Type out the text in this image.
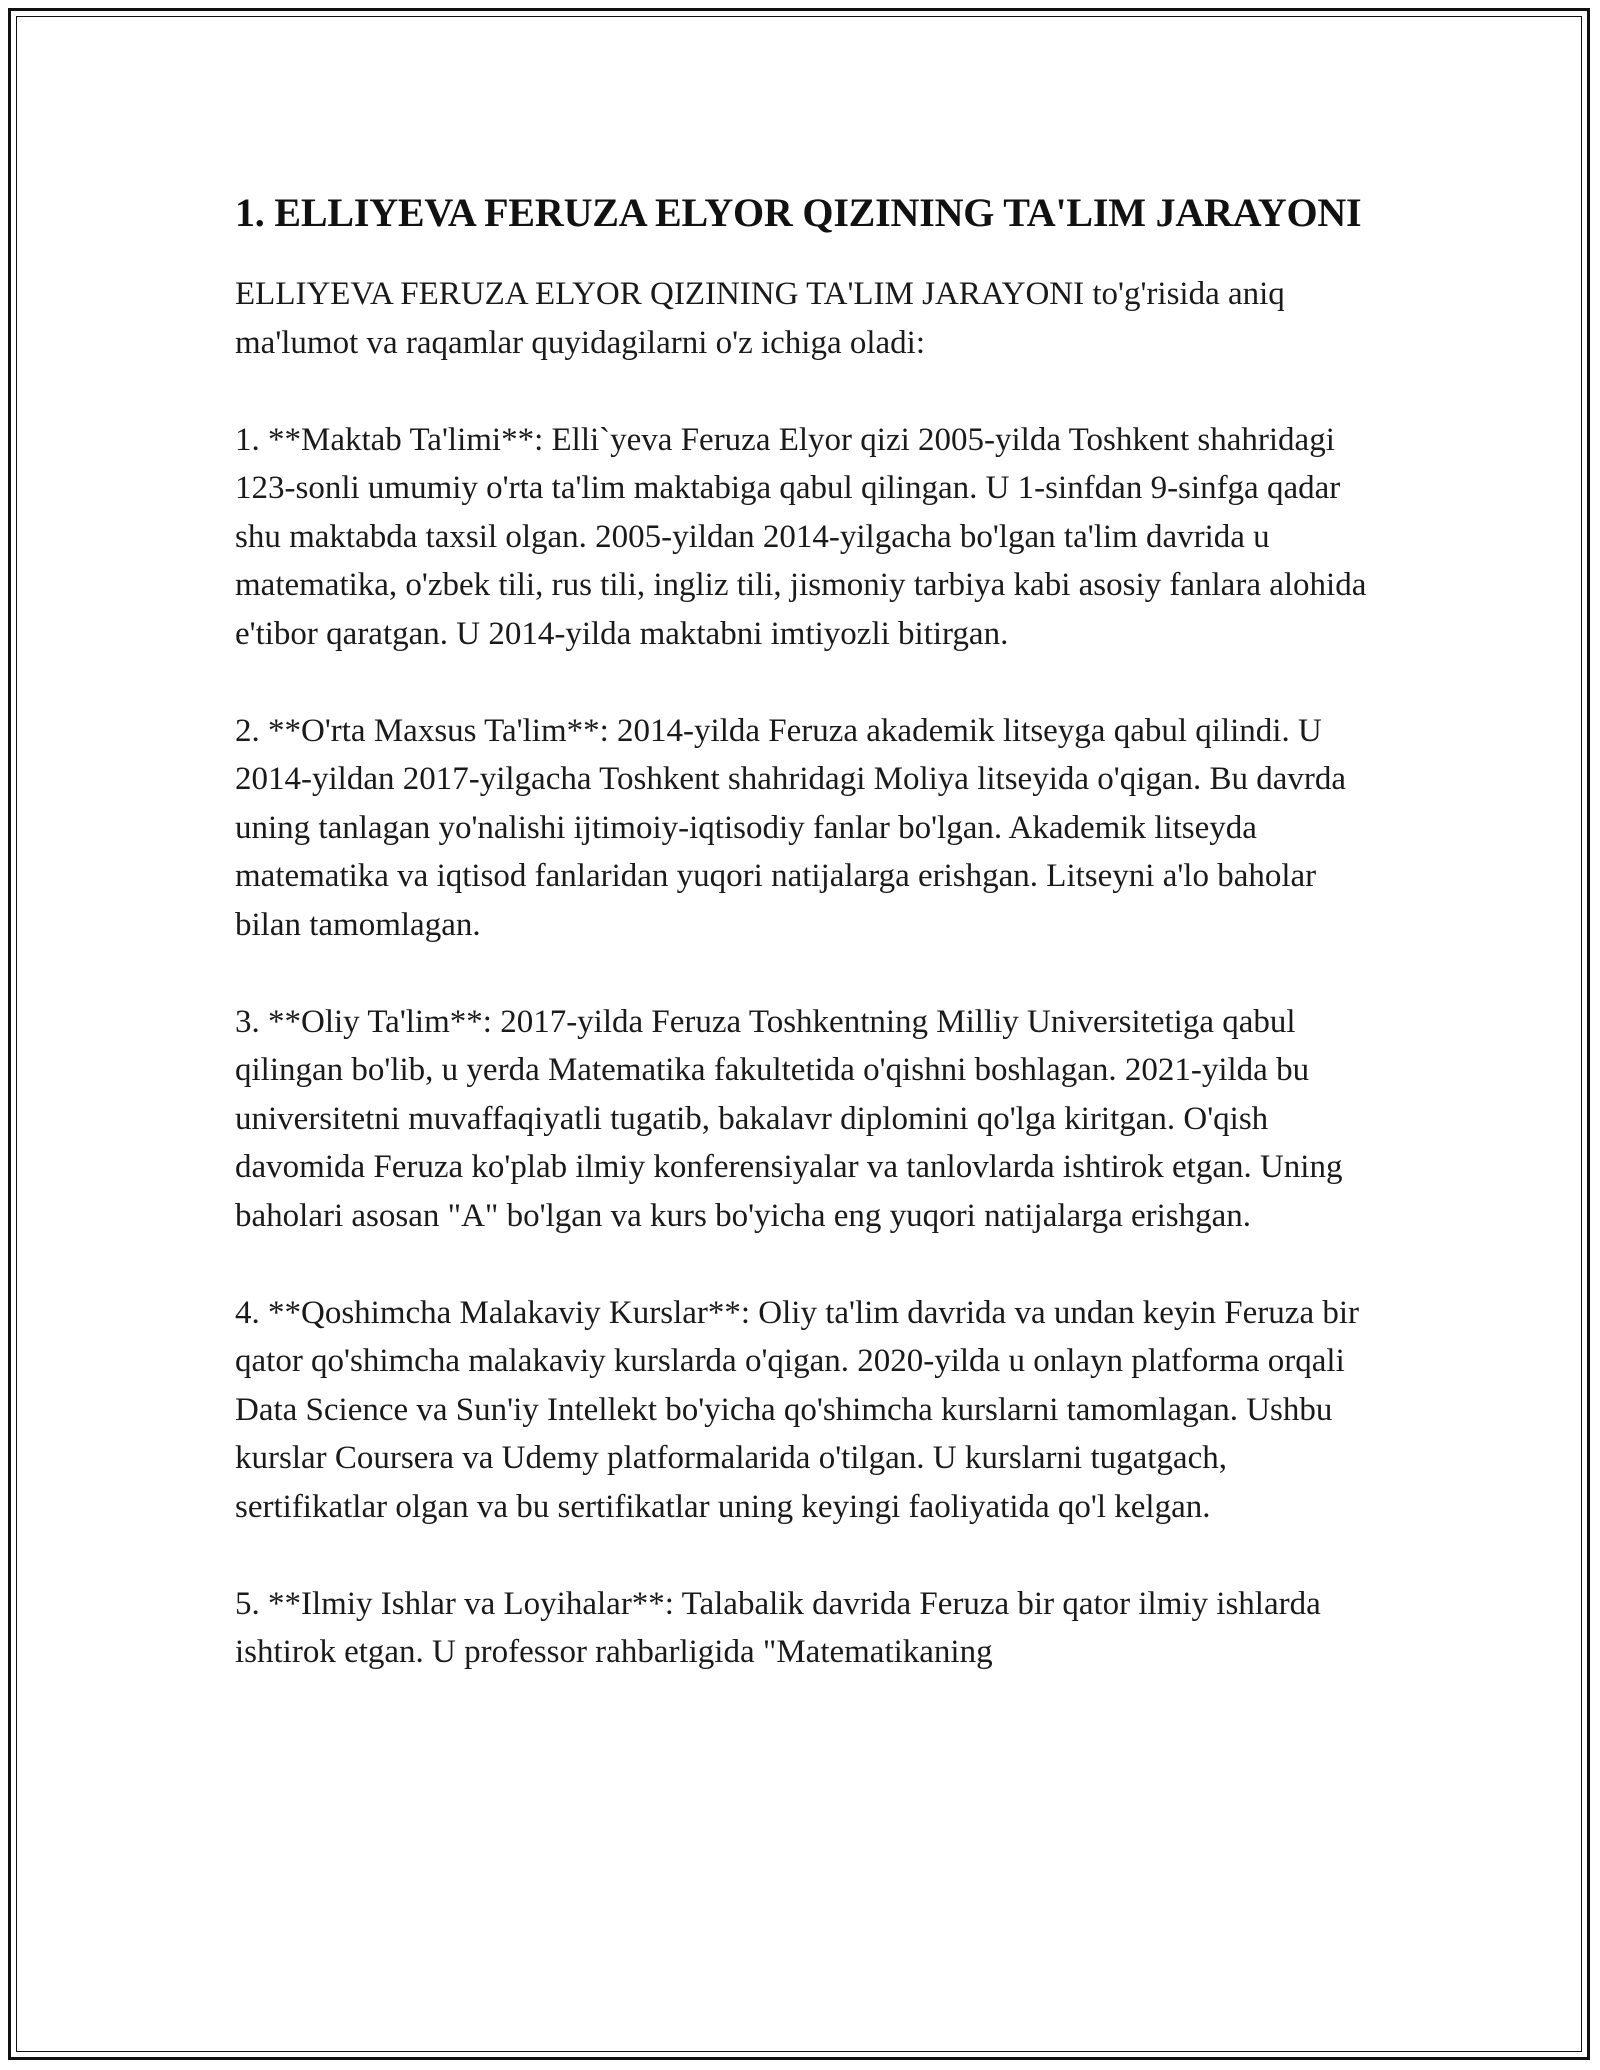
1. ELLIYEVA FERUZA ELYOR QIZINING TA'LIM JARAYONI

ELLIYEVA FERUZA ELYOR QIZINING TA'LIM JARAYONI to'g'risida aniq ma'lumot va raqamlar quyidagilarni o'z ichiga oladi:

1. **Maktab Ta'limi**: Elli`yeva Feruza Elyor qizi 2005-yilda Toshkent shahridagi 123-sonli umumiy o'rta ta'lim maktabiga qabul qilingan. U 1-sinfdan 9-sinfga qadar shu maktabda taxsil olgan. 2005-yildan 2014-yilgacha bo'lgan ta'lim davrida u matematika, o'zbek tili, rus tili, ingliz tili, jismoniy tarbiya kabi asosiy fanlara alohida e'tibor qaratgan. U 2014-yilda maktabni imtiyozli bitirgan.

2. **O'rta Maxsus Ta'lim**: 2014-yilda Feruza akademik litseyga qabul qilindi. U 2014-yildan 2017-yilgacha Toshkent shahridagi Moliya litseyida o'qigan. Bu davrda uning tanlagan yo'nalishi ijtimoiy-iqtisodiy fanlar bo'lgan. Akademik litseyda matematika va iqtisod fanlaridan yuqori natijalarga erishgan. Litseyni a'lo baholar bilan tamomlagan.

3. **Oliy Ta'lim**: 2017-yilda Feruza Toshkentning Milliy Universitetiga qabul qilingan bo'lib, u yerda Matematika fakultetida o'qishni boshlagan. 2021-yilda bu universitetni muvaffaqiyatli tugatib, bakalavr diplomini qo'lga kiritgan. O'qish davomida Feruza ko'plab ilmiy konferensiyalar va tanlovlarda ishtirok etgan. Uning baholari asosan "A" bo'lgan va kurs bo'yicha eng yuqori natijalarga erishgan.

4. **Qoshimcha Malakaviy Kurslar**: Oliy ta'lim davrida va undan keyin Feruza bir qator qo'shimcha malakaviy kurslarda o'qigan. 2020-yilda u onlayn platforma orqali Data Science va Sun'iy Intellekt bo'yicha qo'shimcha kurslarni tamomlagan. Ushbu kurslar Coursera va Udemy platformalarida o'tilgan. U kurslarni tugatgach, sertifikatlar olgan va bu sertifikatlar uning keyingi faoliyatida qo'l kelgan.

5. **Ilmiy Ishlar va Loyihalar**: Talabalik davrida Feruza bir qator ilmiy ishlarda ishtirok etgan. U professor rahbarligida "Matematikaning
